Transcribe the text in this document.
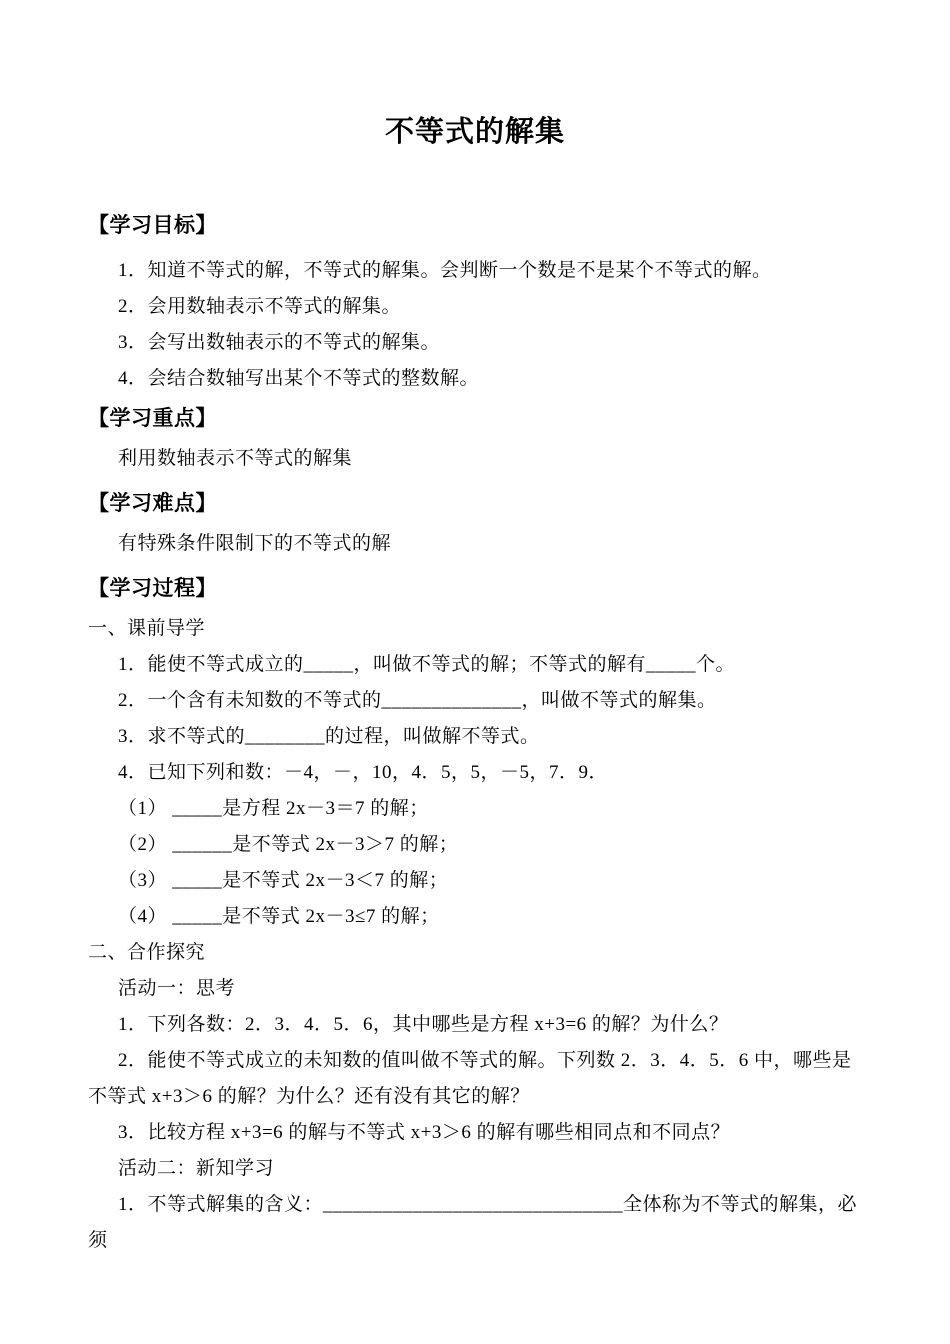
不等式的解集
【学习目标】

1．知道不等式的解，不等式的解集。会判断一个数是不是某个不等式的解。

2．会用数轴表示不等式的解集。

3．会写出数轴表示的不等式的解集。

4．会结合数轴写出某个不等式的整数解。

【学习重点】

利用数轴表示不等式的解集

【学习难点】

有特殊条件限制下的不等式的解

【学习过程】

一、课前导学

1．能使不等式成立的_____，叫做不等式的解；不等式的解有_____个。

2．一个含有未知数的不等式的______________，叫做不等式的解集。

3．求不等式的________的过程，叫做解不等式。

4．已知下列和数：－4，－，10，4．5，5，－5，7．9．

（1） _____是方程 2x－3＝7 的解；

（2） ______是不等式 2x－3＞7 的解；

（3） _____是不等式 2x－3＜7 的解；

（4） _____是不等式 2x－3≤7 的解；

二、合作探究

活动一：思考

1．下列各数：2．3．4．5．6，其中哪些是方程 x+3=6 的解？为什么？

2．能使不等式成立的未知数的值叫做不等式的解。下列数 2．3．4．5．6 中，哪些是不等式 x+3＞6 的解？为什么？还有没有其它的解？

3．比较方程 x+3=6 的解与不等式 x+3＞6 的解有哪些相同点和不同点？

活动二：新知学习

1．不等式解集的含义：______________________________全体称为不等式的解集，必须
